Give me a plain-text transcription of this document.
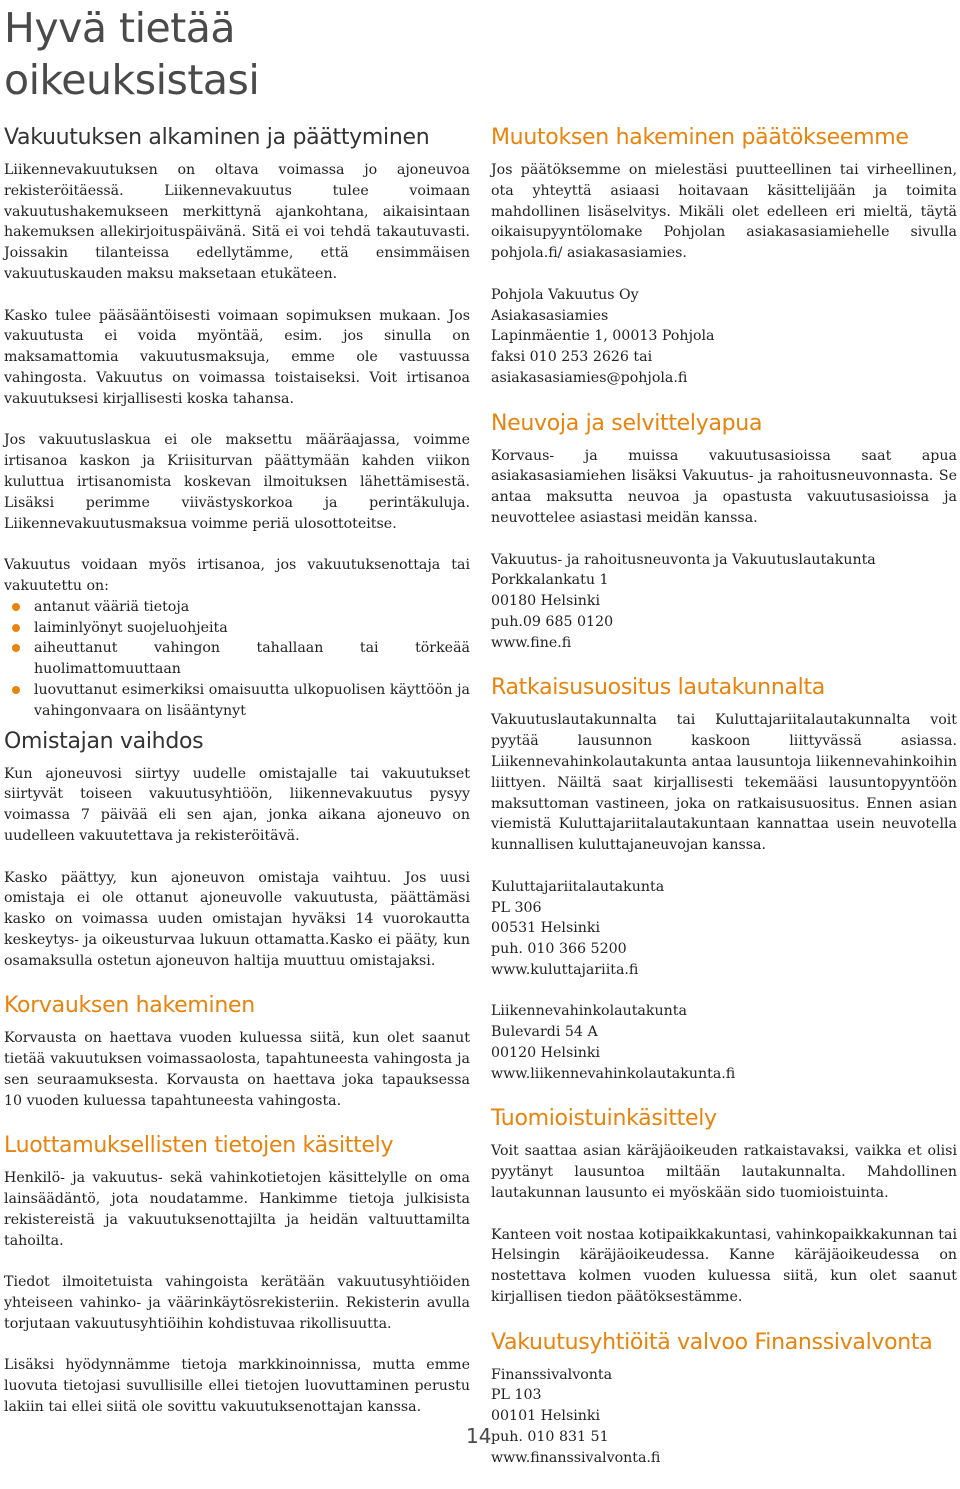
Hyvä tietää
oikeuksistasi
Vakuutuksen alkaminen ja päättyminen

Liikennevakuutuksen on oltava voimassa jo ajoneuvoa rekisteröitäessä. Liikennevakuutus tulee voimaan vakuutushakemukseen merkittynä ajankohtana, aikaisintaan hakemuksen allekirjoituspäivänä. Sitä ei voi tehdä takautuvasti. Joissakin tilanteissa edellytämme, että ensimmäisen vakuutuskauden maksu maksetaan etukäteen.

Kasko tulee pääsääntöisesti voimaan sopimuksen mukaan. Jos vakuutusta ei voida myöntää, esim. jos sinulla on maksamattomia vakuutusmaksuja, emme ole vastuussa vahingosta. Vakuutus on voimassa toistaiseksi. Voit irtisanoa vakuutuksesi kirjallisesti koska tahansa.

Jos vakuutuslaskua ei ole maksettu määräajassa, voimme irtisanoa kaskon ja Kriisiturvan päättymään kahden viikon kuluttua irtisanomista koskevan ilmoituksen lähettämisestä. Lisäksi perimme viivästyskorkoa ja perintäkuluja. Liikennevakuutusmaksua voimme periä ulosottoteitse.

Vakuutus voidaan myös irtisanoa, jos vakuutuksenottaja tai vakuutettu on:

antanut vääriä tietoja
laiminlyönyt suojeluohjeita
aiheuttanut vahingon tahallaan tai törkeää huolimattomuuttaan
luovuttanut esimerkiksi omaisuutta ulkopuolisen käyttöön ja vahingonvaara on lisääntynyt
Omistajan vaihdos

Kun ajoneuvosi siirtyy uudelle omistajalle tai vakuutukset siirtyvät toiseen vakuutusyhtiöön, liikennevakuutus pysyy voimassa 7 päivää eli sen ajan, jonka aikana ajoneuvo on uudelleen vakuutettava ja rekisteröitävä.

Kasko päättyy, kun ajoneuvon omistaja vaihtuu. Jos uusi omistaja ei ole ottanut ajoneuvolle vakuutusta, päättämäsi kasko on voimassa uuden omistajan hyväksi 14 vuorokautta keskeytys- ja oikeusturvaa lukuun ottamatta.Kasko ei pääty, kun osamaksulla ostetun ajoneuvon haltija muuttuu omistajaksi.

Korvauksen hakeminen

Korvausta on haettava vuoden kuluessa siitä, kun olet saanut tietää vakuutuksen voimassaolosta, tapahtuneesta vahingosta ja sen seuraamuksesta. Korvausta on haettava joka tapauksessa 10 vuoden kuluessa tapahtuneesta vahingosta.

Luottamuksellisten tietojen käsittely

Henkilö- ja vakuutus- sekä vahinkotietojen käsittelylle on oma lainsäädäntö, jota noudatamme. Hankimme tietoja julkisista rekistereistä ja vakuutuksenottajilta ja heidän valtuuttamilta tahoilta.

Tiedot ilmoitetuista vahingoista kerätään vakuutusyhtiöiden yhteiseen vahinko- ja väärinkäytösrekisteriin. Rekisterin avulla torjutaan vakuutusyhtiöihin kohdistuvaa rikollisuutta.

Lisäksi hyödynnämme tietoja markkinoinnissa, mutta emme luovuta tietojasi suvullisille ellei tietojen luovuttaminen perustu lakiin tai ellei siitä ole sovittu vakuutuksenottajan kanssa.

Muutoksen hakeminen päätökseemme

Jos päätöksemme on mielestäsi puutteellinen tai virheellinen, ota yhteyttä asiaasi hoitavaan käsittelijään ja toimita mahdollinen lisäselvitys. Mikäli olet edelleen eri mieltä, täytä oikaisupyyntölomake Pohjolan asiakasasiamiehelle sivulla pohjola.fi/ asiakasasiamies.

Pohjola Vakuutus Oy
Asiakasasiamies
Lapinmäentie 1, 00013 Pohjola
faksi 010 253 2626 tai
asiakasasiamies@pohjola.fi

Neuvoja ja selvittelyapua

Korvaus- ja muissa vakuutusasioissa saat apua asiakasasiamiehen lisäksi Vakuutus- ja rahoitusneuvonnasta. Se antaa maksutta neuvoa ja opastusta vakuutusasioissa ja neuvottelee asiastasi meidän kanssa.

Vakuutus- ja rahoitusneuvonta ja Vakuutuslautakunta
Porkkalankatu 1
00180 Helsinki
puh.09 685 0120
www.fine.fi

Ratkaisusuositus lautakunnalta

Vakuutuslautakunnalta tai Kuluttajariitalautakunnalta voit pyytää lausunnon kaskoon liittyvässä asiassa. Liikennevahinkolautakunta antaa lausuntoja liikennevahinkoihin liittyen. Näiltä saat kirjallisesti tekemääsi lausuntopyyntöön maksuttoman vastineen, joka on ratkaisusuositus. Ennen asian viemistä Kuluttajariitalautakuntaan kannattaa usein neuvotella kunnallisen kuluttajaneuvojan kanssa.

Kuluttajariitalautakunta
PL 306
00531 Helsinki
puh. 010 366 5200
www.kuluttajariita.fi

Liikennevahinkolautakunta
Bulevardi 54 A
00120 Helsinki
www.liikennevahinkolautakunta.fi

Tuomioistuinkäsittely

Voit saattaa asian käräjäoikeuden ratkaistavaksi, vaikka et olisi pyytänyt lausuntoa miltään lautakunnalta. Mahdollinen lautakunnan lausunto ei myöskään sido tuomioistuinta.

Kanteen voit nostaa kotipaikkakuntasi, vahinkopaikkakunnan tai Helsingin käräjäoikeudessa. Kanne käräjäoikeudessa on nostettava kolmen vuoden kuluessa siitä, kun olet saanut kirjallisen tiedon päätöksestämme.

Vakuutusyhtiöitä valvoo Finanssivalvonta

Finanssivalvonta
PL 103
00101 Helsinki
puh. 010 831 51
www.finanssivalvonta.fi

14
